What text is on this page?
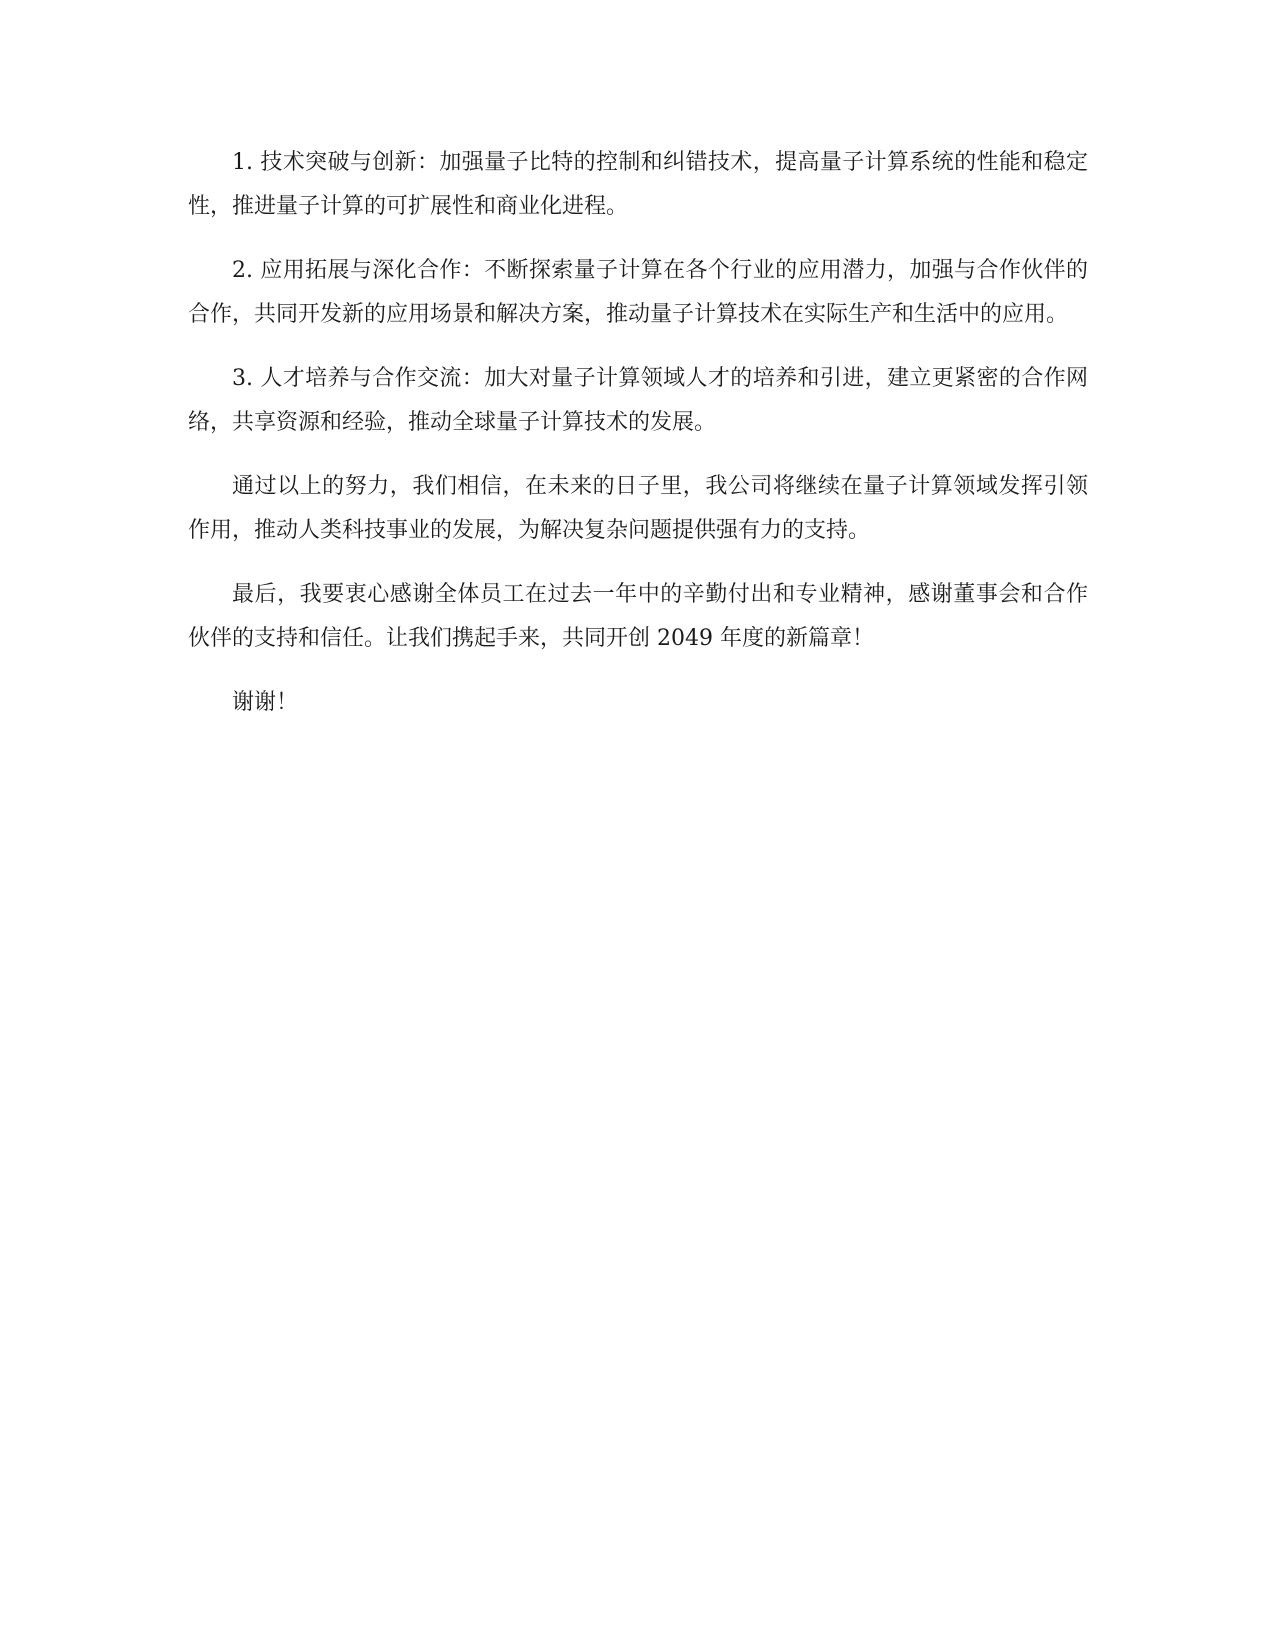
1. 技术突破与创新：加强量子比特的控制和纠错技术，提高量子计算系统的性能和稳定性，推进量子计算的可扩展性和商业化进程。

2. 应用拓展与深化合作：不断探索量子计算在各个行业的应用潜力，加强与合作伙伴的合作，共同开发新的应用场景和解决方案，推动量子计算技术在实际生产和生活中的应用。

3. 人才培养与合作交流：加大对量子计算领域人才的培养和引进，建立更紧密的合作网络，共享资源和经验，推动全球量子计算技术的发展。

通过以上的努力，我们相信，在未来的日子里，我公司将继续在量子计算领域发挥引领作用，推动人类科技事业的发展，为解决复杂问题提供强有力的支持。

最后，我要衷心感谢全体员工在过去一年中的辛勤付出和专业精神，感谢董事会和合作伙伴的支持和信任。让我们携起手来，共同开创 2049 年度的新篇章！

谢谢！
